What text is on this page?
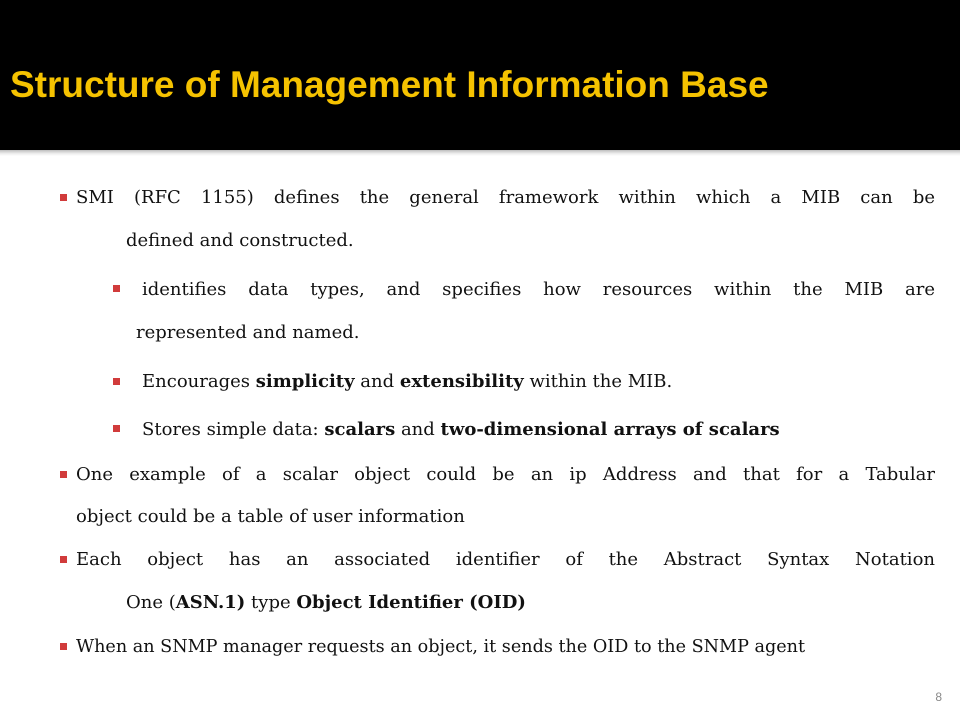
Structure of Management Information Base
SMI (RFC 1155) defines the general framework within which a MIB can be
defined and constructed.
identifies data types, and specifies how resources within the MIB are
represented and named.
Encourages simplicity and extensibility within the MIB.
Stores simple data: scalars and two-dimensional arrays of scalars
One example of a scalar object could be an ip Address and that for a Tabular
object could be a table of user information
Each object has an associated identifier of the Abstract Syntax Notation
One (ASN.1) type Object Identifier (OID)
When an SNMP manager requests an object, it sends the OID to the SNMP agent
8
